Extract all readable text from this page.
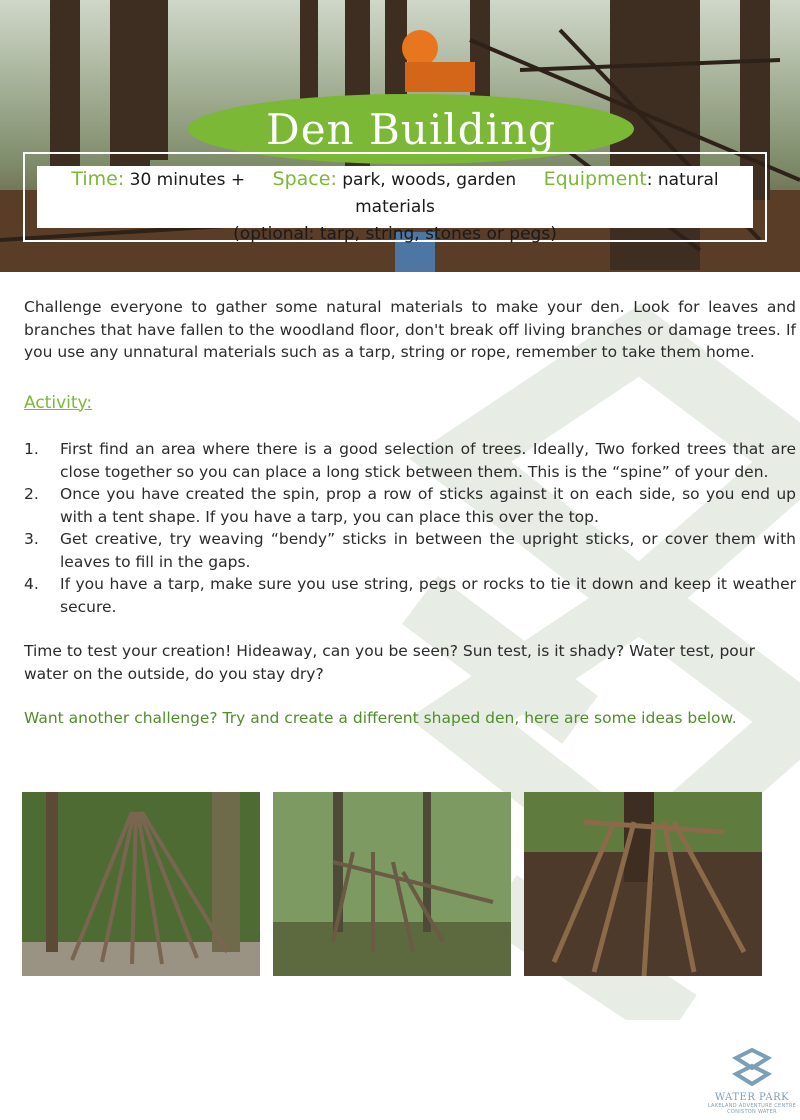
Den Building
Time: 30 minutes + Space: park, woods, garden Equipment: natural materials
(optional: tarp, string, stones or pegs)

Challenge everyone to gather some natural materials to make your den. Look for leaves and branches that have fallen to the woodland floor, don't break off living branches or damage trees. If you use any unnatural materials such as a tarp, string or rope, remember to take them home.

Activity:
1. First find an area where there is a good selection of trees. Ideally, Two forked trees that are close together so you can place a long stick between them. This is the “spine” of your den.
2. Once you have created the spin, prop a row of sticks against it on each side, so you end up with a tent shape. If you have a tarp, you can place this over the top.
3. Get creative, try weaving “bendy” sticks in between the upright sticks, or cover them with leaves to fill in the gaps.
4. If you have a tarp, make sure you use string, pegs or rocks to tie it down and keep it weather secure.

Time to test your creation! Hideaway, can you be seen? Sun test, is it shady? Water test, pour water on the outside, do you stay dry?

Want another challenge? Try and create a different shaped den, here are some ideas below.

WATER PARK
LAKELAND ADVENTURE CENTRE
CONISTON WATER
